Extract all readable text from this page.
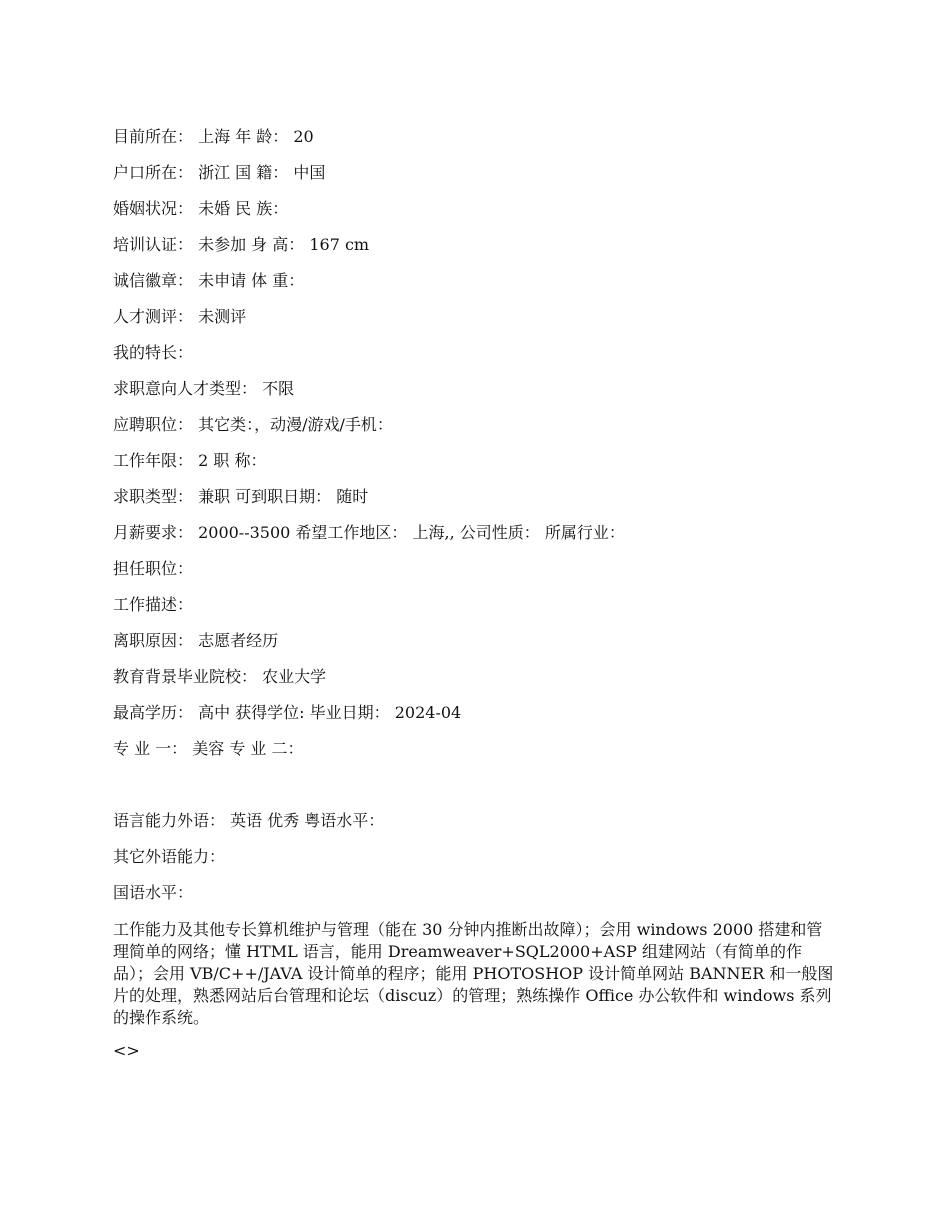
目前所在： 上海 年 龄： 20
户口所在： 浙江 国 籍： 中国
婚姻状况： 未婚 民 族：
培训认证： 未参加 身 高： 167 cm
诚信徽章： 未申请 体 重：
人才测评： 未测评
我的特长：
求职意向人才类型： 不限
应聘职位： 其它类：，动漫/游戏/手机：
工作年限： 2 职 称：
求职类型： 兼职 可到职日期： 随时
月薪要求： 2000--3500 希望工作地区： 上海,, 公司性质： 所属行业：
担任职位：
工作描述：
离职原因： 志愿者经历
教育背景毕业院校： 农业大学
最高学历： 高中 获得学位: 毕业日期： 2024-04
专 业 一： 美容 专 业 二：
语言能力外语： 英语 优秀 粤语水平：
其它外语能力：
国语水平：
工作能力及其他专长算机维护与管理（能在 30 分钟内推断出故障）；会用 windows 2000 搭建和管理简单的网络；懂 HTML 语言，能用 Dreamweaver+SQL2000+ASP 组建网站（有简单的作品）；会用 VB/C++/JAVA 设计简单的程序；能用 PHOTOSHOP 设计简单网站 BANNER 和一般图片的处理，熟悉网站后台管理和论坛（discuz）的管理；熟练操作 Office 办公软件和 windows 系列的操作系统。
<>
